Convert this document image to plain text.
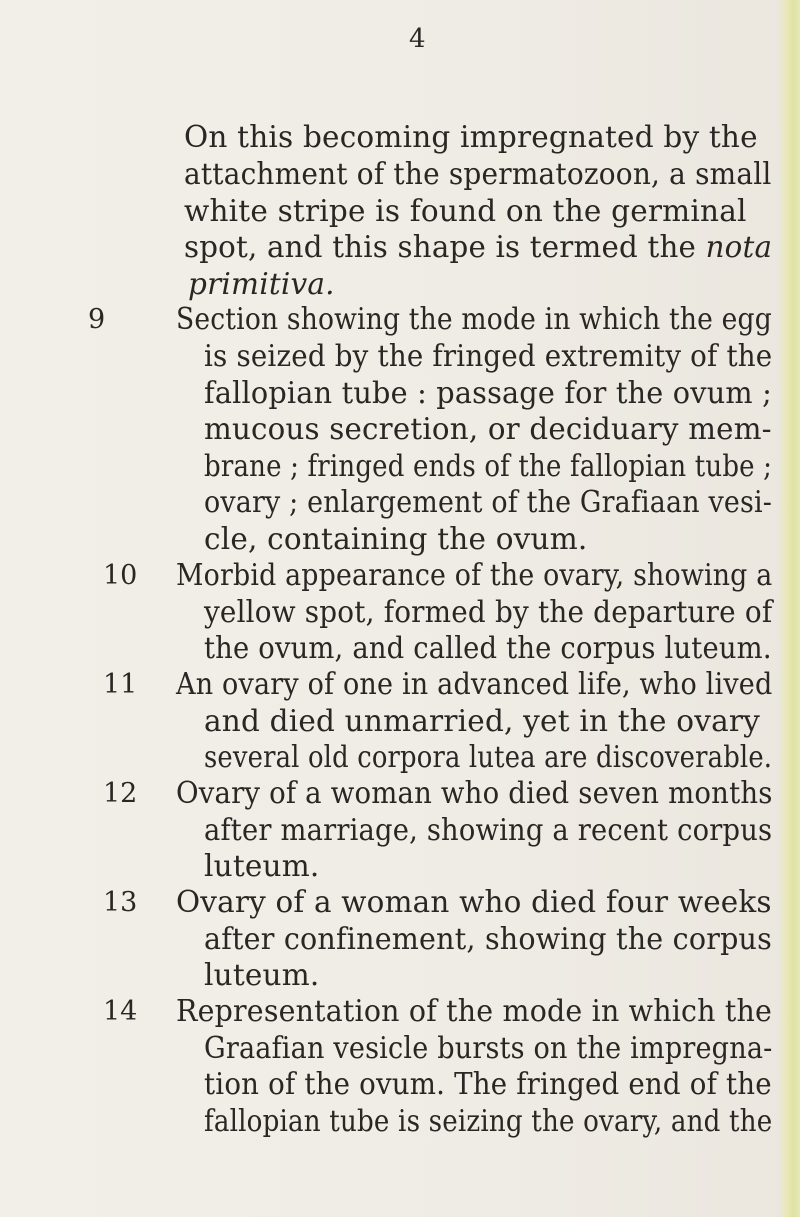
4
On this becoming impregnated by the
attachment of the spermatozoon, a small
white stripe is found on the germinal
spot, and this shape is termed the nota
primitiva.
9 Section showing the mode in which the egg
is seized by the fringed extremity of the
fallopian tube : passage for the ovum ;
mucous secretion, or deciduary mem-
brane ; fringed ends of the fallopian tube ;
ovary ; enlargement of the Grafiaan vesi-
cle, containing the ovum.
10 Morbid appearance of the ovary, showing a
yellow spot, formed by the departure of
the ovum, and called the corpus luteum.
11 An ovary of one in advanced life, who lived
and died unmarried, yet in the ovary
several old corpora lutea are discoverable.
12 Ovary of a woman who died seven months
after marriage, showing a recent corpus
luteum.
13 Ovary of a woman who died four weeks
after confinement, showing the corpus
luteum.
14 Representation of the mode in which the
Graafian vesicle bursts on the impregna-
tion of the ovum. The fringed end of the
fallopian tube is seizing the ovary, and the
